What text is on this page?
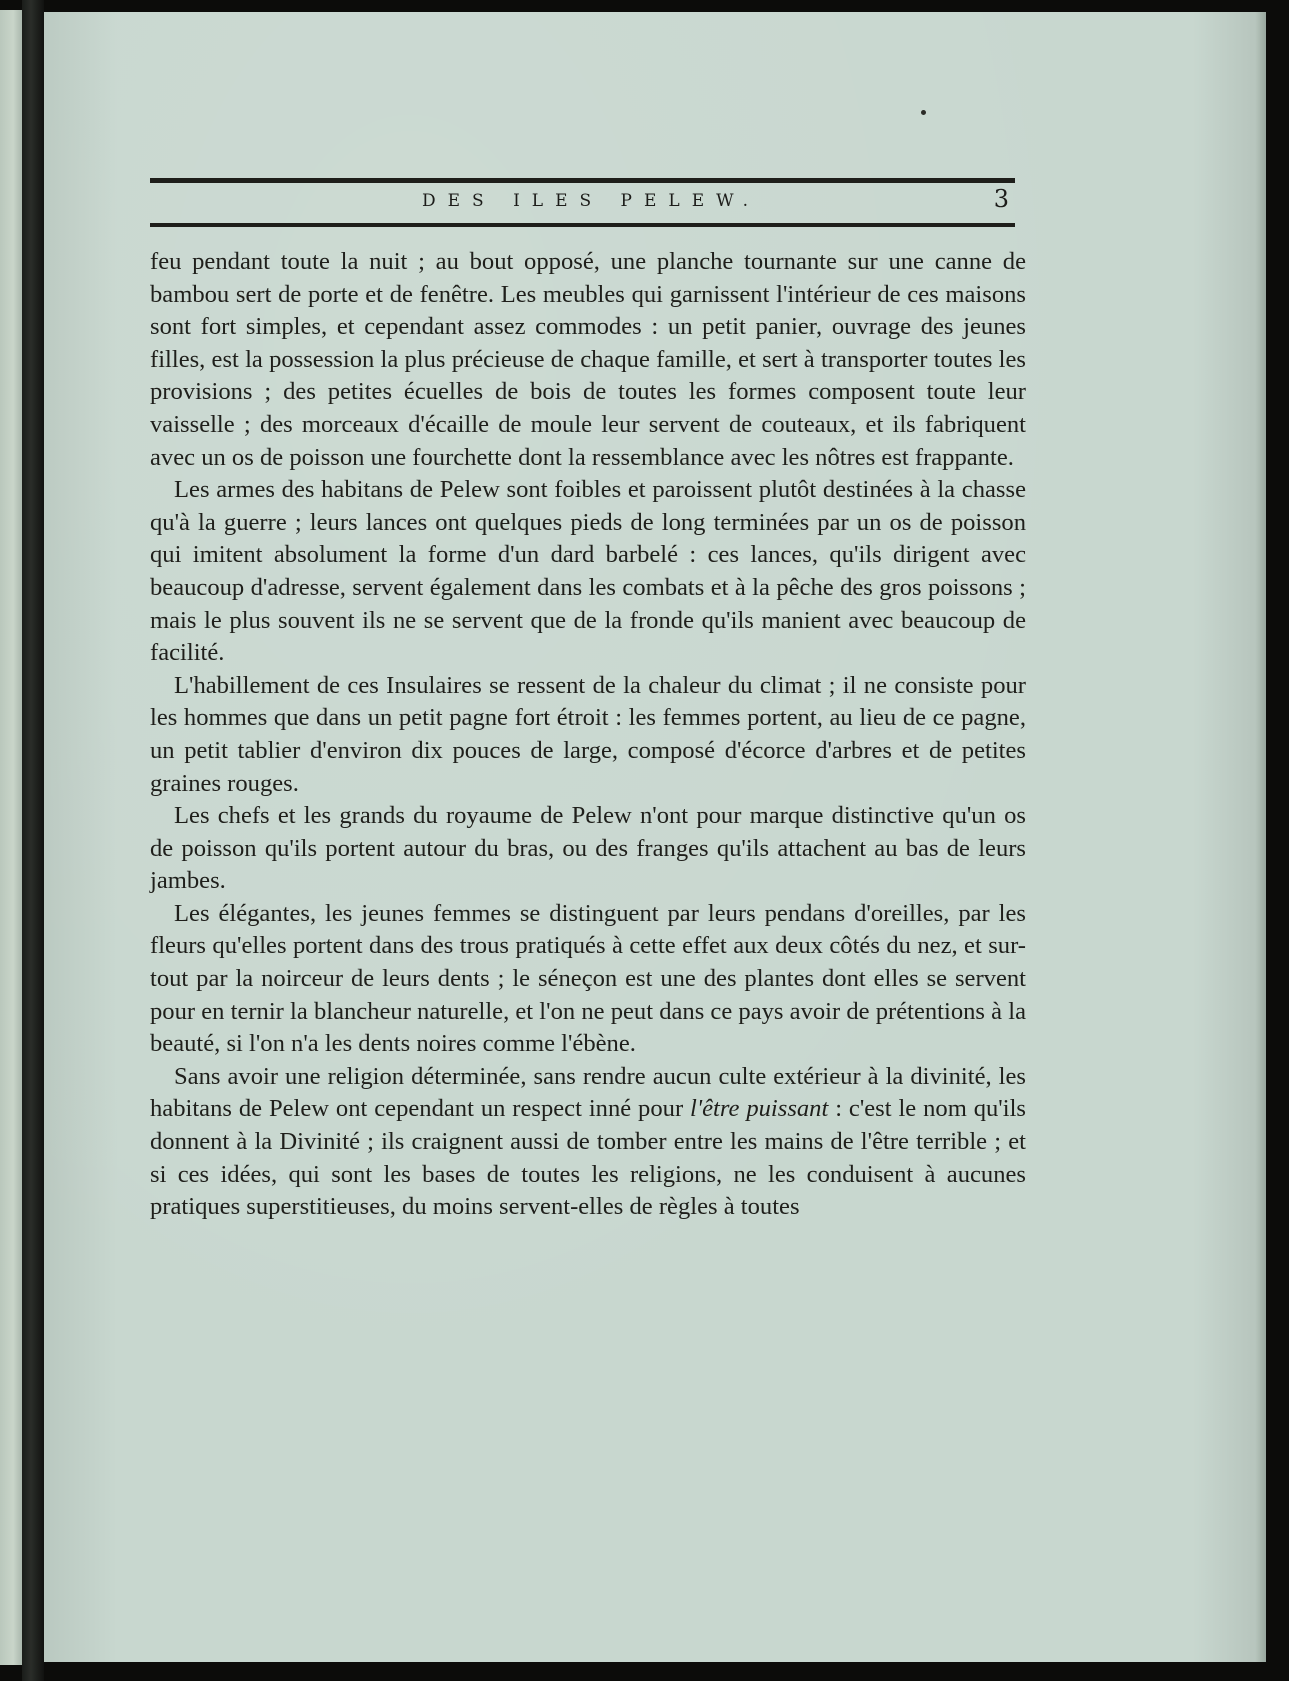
DES ILES PELEW.	3

feu pendant toute la nuit ; au bout opposé, une planche tournante sur une canne de bambou sert de porte et de fenêtre. Les meubles qui garnissent l'intérieur de ces maisons sont fort simples, et cependant assez commodes : un petit panier, ouvrage des jeunes filles, est la possession la plus précieuse de chaque famille, et sert à transporter toutes les provisions ; des petites écuelles de bois de toutes les formes composent toute leur vaisselle ; des morceaux d'écaille de moule leur servent de couteaux, et ils fabriquent avec un os de poisson une fourchette dont la ressemblance avec les nôtres est frappante.

Les armes des habitans de Pelew sont foibles et paroissent plutôt destinées à la chasse qu'à la guerre ; leurs lances ont quelques pieds de long terminées par un os de poisson qui imitent absolument la forme d'un dard barbelé : ces lances, qu'ils dirigent avec beaucoup d'adresse, servent également dans les combats et à la pêche des gros poissons ; mais le plus souvent ils ne se servent que de la fronde qu'ils manient avec beaucoup de facilité.

L'habillement de ces Insulaires se ressent de la chaleur du climat ; il ne consiste pour les hommes que dans un petit pagne fort étroit : les femmes portent, au lieu de ce pagne, un petit tablier d'environ dix pouces de large, composé d'écorce d'arbres et de petites graines rouges.

Les chefs et les grands du royaume de Pelew n'ont pour marque distinctive qu'un os de poisson qu'ils portent autour du bras, ou des franges qu'ils attachent au bas de leurs jambes.

Les élégantes, les jeunes femmes se distinguent par leurs pendans d'oreilles, par les fleurs qu'elles portent dans des trous pratiqués à cette effet aux deux côtés du nez, et sur-tout par la noirceur de leurs dents ; le séneçon est une des plantes dont elles se servent pour en ternir la blancheur naturelle, et l'on ne peut dans ce pays avoir de prétentions à la beauté, si l'on n'a les dents noires comme l'ébène.

Sans avoir une religion déterminée, sans rendre aucun culte extérieur à la divinité, les habitans de Pelew ont cependant un respect inné pour l'être puissant : c'est le nom qu'ils donnent à la Divinité ; ils craignent aussi de tomber entre les mains de l'être terrible ; et si ces idées, qui sont les bases de toutes les religions, ne les conduisent à aucunes pratiques superstitieuses, du moins servent-elles de règles à toutes
